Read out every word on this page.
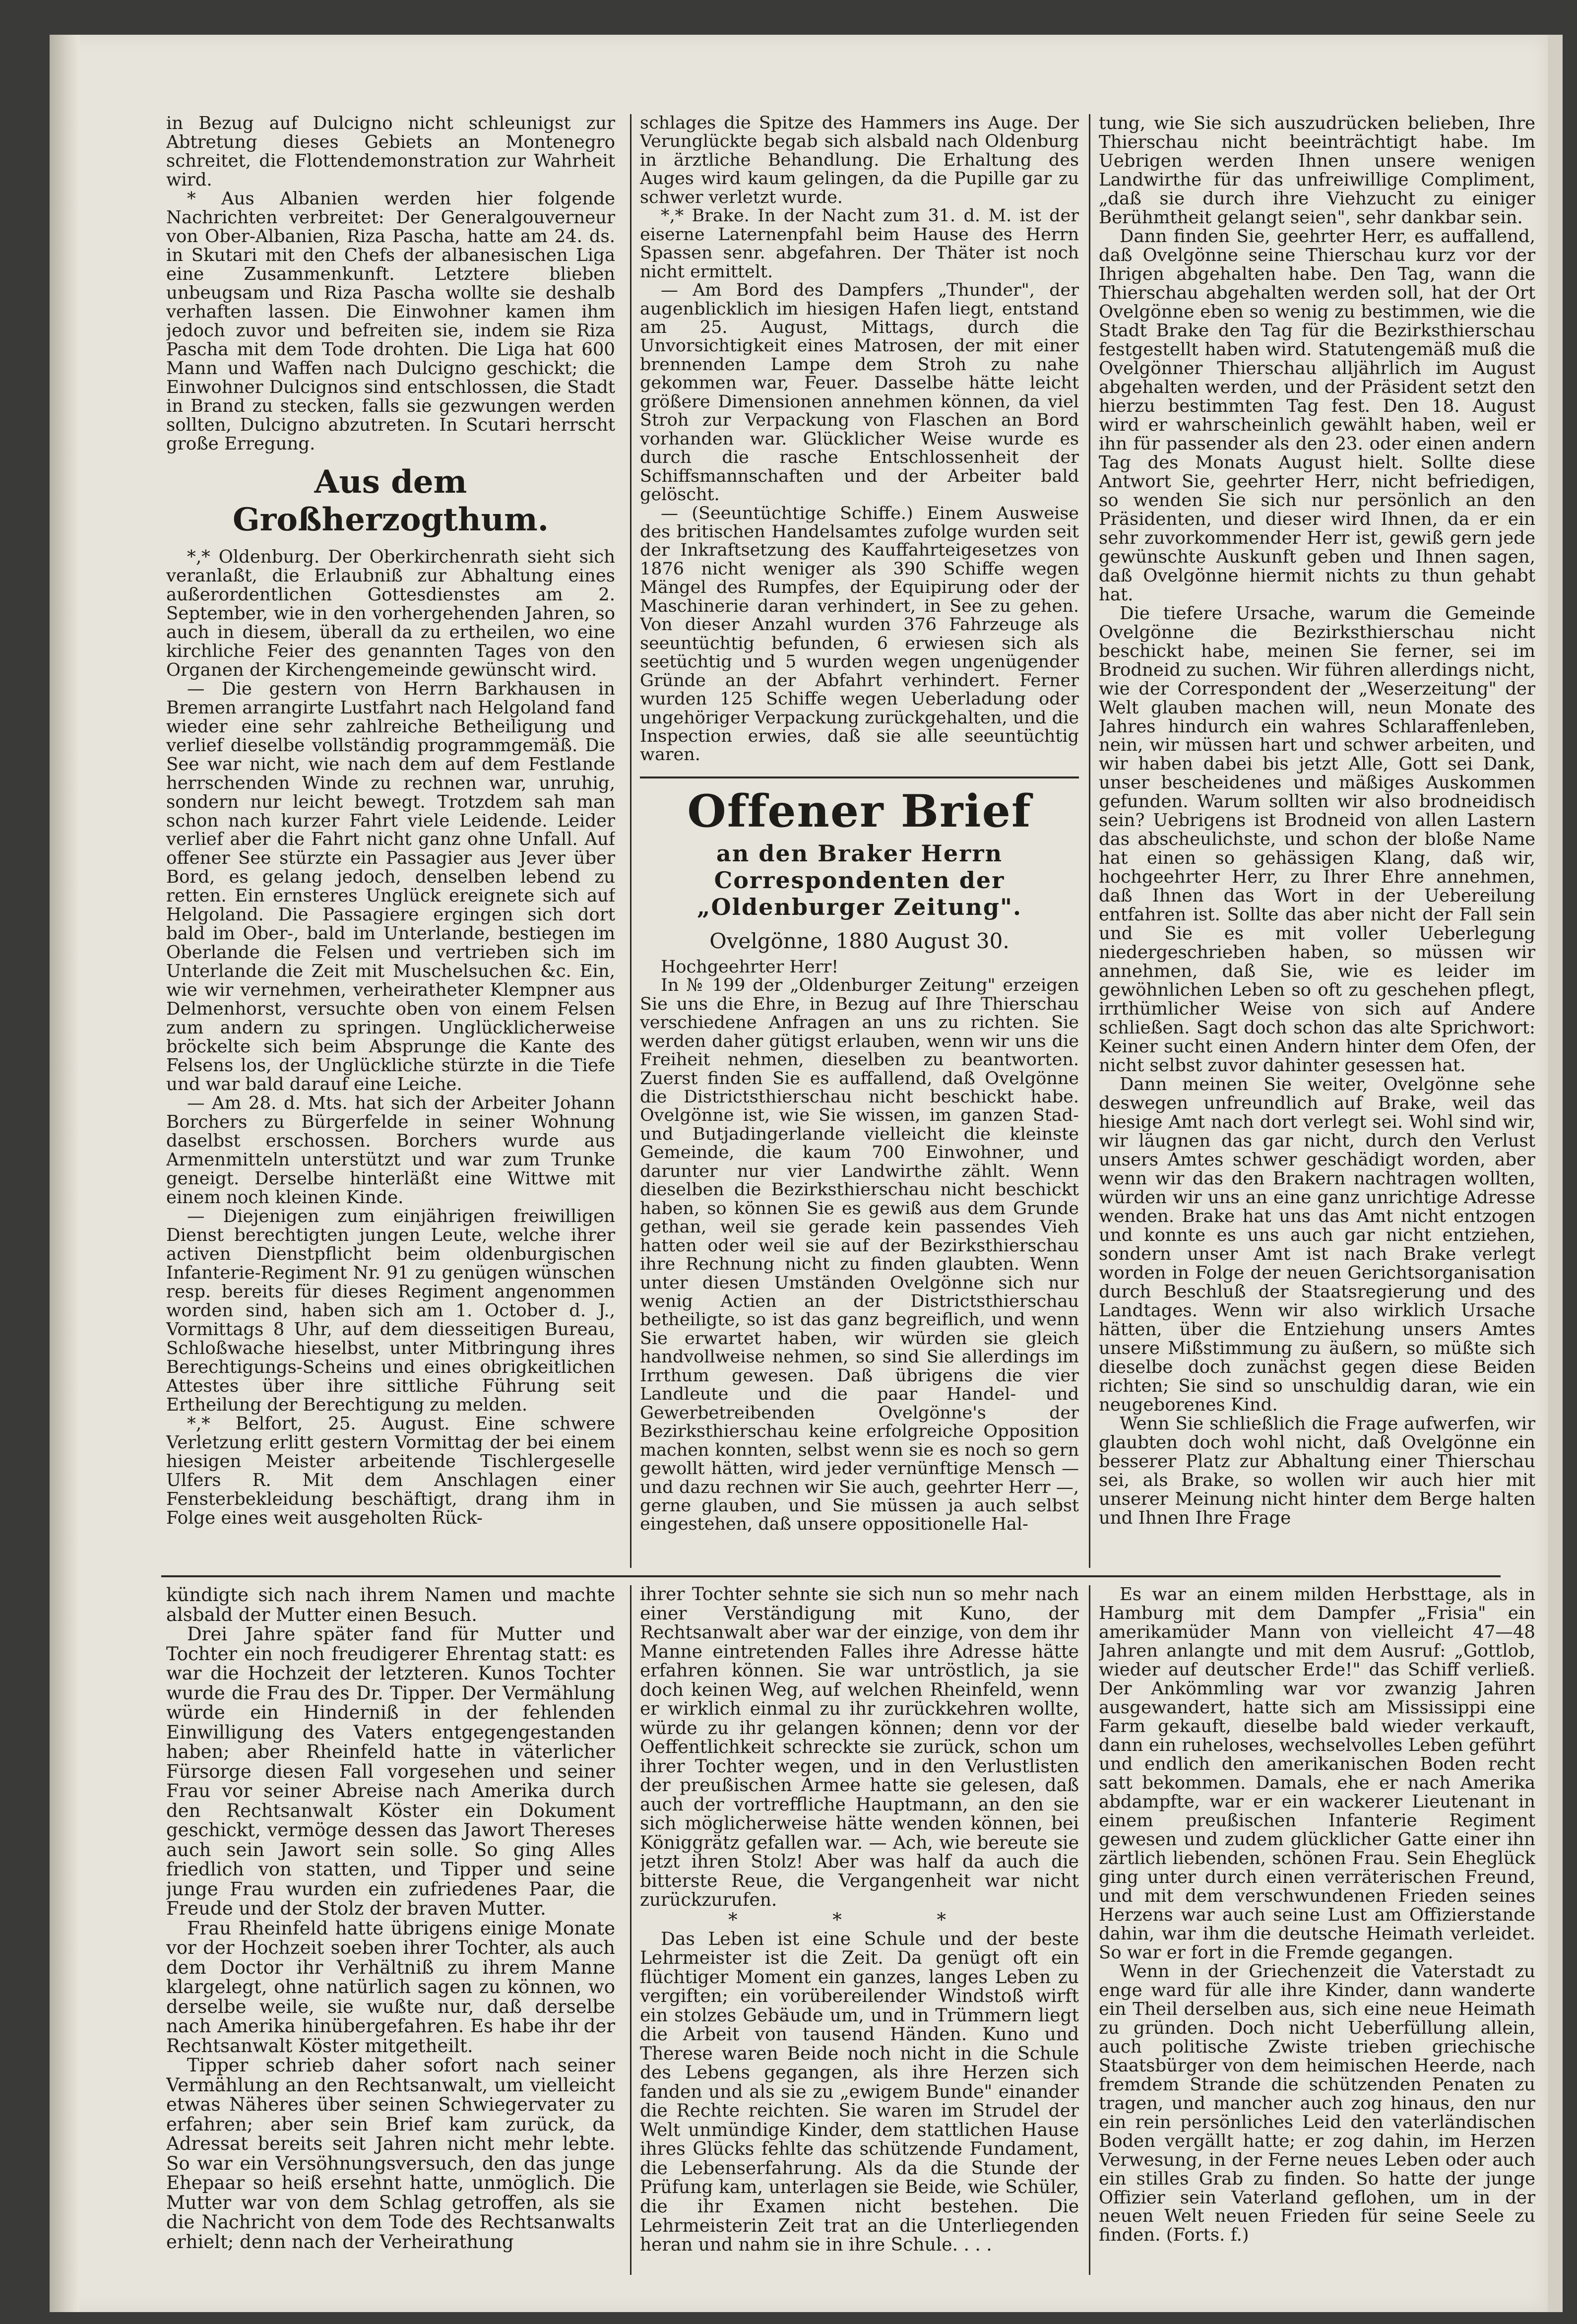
in Bezug auf Dulcigno nicht schleunigst zur Abtretung dieses Gebiets an Montenegro schreitet, die Flottendemonstration zur Wahrheit wird.

* Aus Albanien werden hier folgende Nachrichten verbreitet: Der Generalgouverneur von Ober-Albanien, Riza Pascha, hatte am 24. ds. in Skutari mit den Chefs der albanesischen Liga eine Zusammenkunft. Letztere blieben unbeugsam und Riza Pascha wollte sie deshalb verhaften lassen. Die Einwohner kamen ihm jedoch zuvor und befreiten sie, indem sie Riza Pascha mit dem Tode drohten. Die Liga hat 600 Mann und Waffen nach Dulcigno geschickt; die Einwohner Dulcignos sind entschlossen, die Stadt in Brand zu stecken, falls sie gezwungen werden sollten, Dulcigno abzutreten. In Scutari herrscht große Erregung.

Aus dem Großherzogthum.

*‚* Oldenburg. Der Oberkirchenrath sieht sich veranlaßt, die Erlaubniß zur Abhaltung eines außerordentlichen Gottesdienstes am 2. September, wie in den vorhergehenden Jahren, so auch in diesem, überall da zu ertheilen, wo eine kirchliche Feier des genannten Tages von den Organen der Kirchengemeinde gewünscht wird.

— Die gestern von Herrn Barkhausen in Bremen arrangirte Lustfahrt nach Helgoland fand wieder eine sehr zahlreiche Betheiligung und verlief dieselbe vollständig programmgemäß. Die See war nicht, wie nach dem auf dem Festlande herrschenden Winde zu rechnen war, unruhig, sondern nur leicht bewegt. Trotzdem sah man schon nach kurzer Fahrt viele Leidende. Leider verlief aber die Fahrt nicht ganz ohne Unfall. Auf offener See stürzte ein Passagier aus Jever über Bord, es gelang jedoch, denselben lebend zu retten. Ein ernsteres Unglück ereignete sich auf Helgoland. Die Passagiere ergingen sich dort bald im Ober-, bald im Unterlande, bestiegen im Oberlande die Felsen und vertrieben sich im Unterlande die Zeit mit Muschelsuchen &c. Ein, wie wir vernehmen, verheiratheter Klempner aus Delmenhorst, versuchte oben von einem Felsen zum andern zu springen. Unglücklicherweise bröckelte sich beim Absprunge die Kante des Felsens los, der Unglückliche stürzte in die Tiefe und war bald darauf eine Leiche.

— Am 28. d. Mts. hat sich der Arbeiter Johann Borchers zu Bürgerfelde in seiner Wohnung daselbst erschossen. Borchers wurde aus Armenmitteln unterstützt und war zum Trunke geneigt. Derselbe hinterläßt eine Wittwe mit einem noch kleinen Kinde.

— Diejenigen zum einjährigen freiwilligen Dienst berechtigten jungen Leute, welche ihrer activen Dienstpflicht beim oldenburgischen Infanterie-Regiment Nr. 91 zu genügen wünschen resp. bereits für dieses Regiment angenommen worden sind, haben sich am 1. October d. J., Vormittags 8 Uhr, auf dem diesseitigen Bureau, Schloßwache hieselbst, unter Mitbringung ihres Berechtigungs-Scheins und eines obrigkeitlichen Attestes über ihre sittliche Führung seit Ertheilung der Berechtigung zu melden.

*‚* Belfort, 25. August. Eine schwere Verletzung erlitt gestern Vormittag der bei einem hiesigen Meister arbeitende Tischlergeselle Ulfers R. Mit dem Anschlagen einer Fensterbekleidung beschäftigt, drang ihm in Folge eines weit ausgeholten Rück-

schlages die Spitze des Hammers ins Auge. Der Verunglückte begab sich alsbald nach Oldenburg in ärztliche Behandlung. Die Erhaltung des Auges wird kaum gelingen, da die Pupille gar zu schwer verletzt wurde.

*‚* Brake. In der Nacht zum 31. d. M. ist der eiserne Laternenpfahl beim Hause des Herrn Spassen senr. abgefahren. Der Thäter ist noch nicht ermittelt.

— Am Bord des Dampfers „Thunder", der augenblicklich im hiesigen Hafen liegt, entstand am 25. August, Mittags, durch die Unvorsichtigkeit eines Matrosen, der mit einer brennenden Lampe dem Stroh zu nahe gekommen war, Feuer. Dasselbe hätte leicht größere Dimensionen annehmen können, da viel Stroh zur Verpackung von Flaschen an Bord vorhanden war. Glücklicher Weise wurde es durch die rasche Entschlossenheit der Schiffsmannschaften und der Arbeiter bald gelöscht.

— (Seeuntüchtige Schiffe.) Einem Ausweise des britischen Handelsamtes zufolge wurden seit der Inkraftsetzung des Kauffahrteigesetzes von 1876 nicht weniger als 390 Schiffe wegen Mängel des Rumpfes, der Equipirung oder der Maschinerie daran verhindert, in See zu gehen. Von dieser Anzahl wurden 376 Fahrzeuge als seeuntüchtig befunden, 6 erwiesen sich als seetüchtig und 5 wurden wegen ungenügender Gründe an der Abfahrt verhindert. Ferner wurden 125 Schiffe wegen Ueberladung oder ungehöriger Verpackung zurückgehalten, und die Inspection erwies, daß sie alle seeuntüchtig waren.

Offener Brief
an den Braker Herrn Correspondenten der „Oldenburger Zeitung".

Ovelgönne, 1880 August 30.

Hochgeehrter Herr!

In № 199 der „Oldenburger Zeitung" erzeigen Sie uns die Ehre, in Bezug auf Ihre Thierschau verschiedene Anfragen an uns zu richten. Sie werden daher gütigst erlauben, wenn wir uns die Freiheit nehmen, dieselben zu beantworten. Zuerst finden Sie es auffallend, daß Ovelgönne die Districtsthierschau nicht beschickt habe. Ovelgönne ist, wie Sie wissen, im ganzen Stad- und Butjadingerlande vielleicht die kleinste Gemeinde, die kaum 700 Einwohner, und darunter nur vier Landwirthe zählt. Wenn dieselben die Bezirksthierschau nicht beschickt haben, so können Sie es gewiß aus dem Grunde gethan, weil sie gerade kein passendes Vieh hatten oder weil sie auf der Bezirksthierschau ihre Rechnung nicht zu finden glaubten. Wenn unter diesen Umständen Ovelgönne sich nur wenig Actien an der Districtsthierschau betheiligte, so ist das ganz begreiflich, und wenn Sie erwartet haben, wir würden sie gleich handvollweise nehmen, so sind Sie allerdings im Irrthum gewesen. Daß übrigens die vier Landleute und die paar Handel- und Gewerbetreibenden Ovelgönne's der Bezirksthierschau keine erfolgreiche Opposition machen konnten, selbst wenn sie es noch so gern gewollt hätten, wird jeder vernünftige Mensch — und dazu rechnen wir Sie auch, geehrter Herr —, gerne glauben, und Sie müssen ja auch selbst eingestehen, daß unsere oppositionelle Hal-

tung, wie Sie sich auszudrücken belieben, Ihre Thierschau nicht beeinträchtigt habe. Im Uebrigen werden Ihnen unsere wenigen Landwirthe für das unfreiwillige Compliment, „daß sie durch ihre Viehzucht zu einiger Berühmtheit gelangt seien", sehr dankbar sein.

Dann finden Sie, geehrter Herr, es auffallend, daß Ovelgönne seine Thierschau kurz vor der Ihrigen abgehalten habe. Den Tag, wann die Thierschau abgehalten werden soll, hat der Ort Ovelgönne eben so wenig zu bestimmen, wie die Stadt Brake den Tag für die Bezirksthierschau festgestellt haben wird. Statutengemäß muß die Ovelgönner Thierschau alljährlich im August abgehalten werden, und der Präsident setzt den hierzu bestimmten Tag fest. Den 18. August wird er wahrscheinlich gewählt haben, weil er ihn für passender als den 23. oder einen andern Tag des Monats August hielt. Sollte diese Antwort Sie, geehrter Herr, nicht befriedigen, so wenden Sie sich nur persönlich an den Präsidenten, und dieser wird Ihnen, da er ein sehr zuvorkommender Herr ist, gewiß gern jede gewünschte Auskunft geben und Ihnen sagen, daß Ovelgönne hiermit nichts zu thun gehabt hat.

Die tiefere Ursache, warum die Gemeinde Ovelgönne die Bezirksthierschau nicht beschickt habe, meinen Sie ferner, sei im Brodneid zu suchen. Wir führen allerdings nicht, wie der Correspondent der „Weserzeitung" der Welt glauben machen will, neun Monate des Jahres hindurch ein wahres Schlaraffenleben, nein, wir müssen hart und schwer arbeiten, und wir haben dabei bis jetzt Alle, Gott sei Dank, unser bescheidenes und mäßiges Auskommen gefunden. Warum sollten wir also brodneidisch sein? Uebrigens ist Brodneid von allen Lastern das abscheulichste, und schon der bloße Name hat einen so gehässigen Klang, daß wir, hochgeehrter Herr, zu Ihrer Ehre annehmen, daß Ihnen das Wort in der Uebereilung entfahren ist. Sollte das aber nicht der Fall sein und Sie es mit voller Ueberlegung niedergeschrieben haben, so müssen wir annehmen, daß Sie, wie es leider im gewöhnlichen Leben so oft zu geschehen pflegt, irrthümlicher Weise von sich auf Andere schließen. Sagt doch schon das alte Sprichwort: Keiner sucht einen Andern hinter dem Ofen, der nicht selbst zuvor dahinter gesessen hat.

Dann meinen Sie weiter, Ovelgönne sehe deswegen unfreundlich auf Brake, weil das hiesige Amt nach dort verlegt sei. Wohl sind wir, wir läugnen das gar nicht, durch den Verlust unsers Amtes schwer geschädigt worden, aber wenn wir das den Brakern nachtragen wollten, würden wir uns an eine ganz unrichtige Adresse wenden. Brake hat uns das Amt nicht entzogen und konnte es uns auch gar nicht entziehen, sondern unser Amt ist nach Brake verlegt worden in Folge der neuen Gerichtsorganisation durch Beschluß der Staatsregierung und des Landtages. Wenn wir also wirklich Ursache hätten, über die Entziehung unsers Amtes unsere Mißstimmung zu äußern, so müßte sich dieselbe doch zunächst gegen diese Beiden richten; Sie sind so unschuldig daran, wie ein neugeborenes Kind.

Wenn Sie schließlich die Frage aufwerfen, wir glaubten doch wohl nicht, daß Ovelgönne ein besserer Platz zur Abhaltung einer Thierschau sei, als Brake, so wollen wir auch hier mit unserer Meinung nicht hinter dem Berge halten und Ihnen Ihre Frage

kündigte sich nach ihrem Namen und machte alsbald der Mutter einen Besuch.

Drei Jahre später fand für Mutter und Tochter ein noch freudigerer Ehrentag statt: es war die Hochzeit der letzteren. Kunos Tochter wurde die Frau des Dr. Tipper. Der Vermählung würde ein Hinderniß in der fehlenden Einwilligung des Vaters entgegengestanden haben; aber Rheinfeld hatte in väterlicher Fürsorge diesen Fall vorgesehen und seiner Frau vor seiner Abreise nach Amerika durch den Rechtsanwalt Köster ein Dokument geschickt, vermöge dessen das Jawort Thereses auch sein Jawort sein solle. So ging Alles friedlich von statten, und Tipper und seine junge Frau wurden ein zufriedenes Paar, die Freude und der Stolz der braven Mutter.

Frau Rheinfeld hatte übrigens einige Monate vor der Hochzeit soeben ihrer Tochter, als auch dem Doctor ihr Verhältniß zu ihrem Manne klargelegt, ohne natürlich sagen zu können, wo derselbe weile, sie wußte nur, daß derselbe nach Amerika hinübergefahren. Es habe ihr der Rechtsanwalt Köster mitgetheilt.

Tipper schrieb daher sofort nach seiner Vermählung an den Rechtsanwalt, um vielleicht etwas Näheres über seinen Schwiegervater zu erfahren; aber sein Brief kam zurück, da Adressat bereits seit Jahren nicht mehr lebte. So war ein Versöhnungsversuch, den das junge Ehepaar so heiß ersehnt hatte, unmöglich. Die Mutter war von dem Schlag getroffen, als sie die Nachricht von dem Tode des Rechtsanwalts erhielt; denn nach der Verheirathung

ihrer Tochter sehnte sie sich nun so mehr nach einer Verständigung mit Kuno, der Rechtsanwalt aber war der einzige, von dem ihr Manne eintretenden Falles ihre Adresse hätte erfahren können. Sie war untröstlich, ja sie doch keinen Weg, auf welchen Rheinfeld, wenn er wirklich einmal zu ihr zurückkehren wollte, würde zu ihr gelangen können; denn vor der Oeffentlichkeit schreckte sie zurück, schon um ihrer Tochter wegen, und in den Verlustlisten der preußischen Armee hatte sie gelesen, daß auch der vortreffliche Hauptmann, an den sie sich möglicherweise hätte wenden können, bei Königgrätz gefallen war. — Ach, wie bereute sie jetzt ihren Stolz! Aber was half da auch die bitterste Reue, die Vergangenheit war nicht zurückzurufen.

* * *

Das Leben ist eine Schule und der beste Lehrmeister ist die Zeit. Da genügt oft ein flüchtiger Moment ein ganzes, langes Leben zu vergiften; ein vorübereilender Windstoß wirft ein stolzes Gebäude um, und in Trümmern liegt die Arbeit von tausend Händen. Kuno und Therese waren Beide noch nicht in die Schule des Lebens gegangen, als ihre Herzen sich fanden und als sie zu „ewigem Bunde" einander die Rechte reichten. Sie waren im Strudel der Welt unmündige Kinder, dem stattlichen Hause ihres Glücks fehlte das schützende Fundament, die Lebenserfahrung. Als da die Stunde der Prüfung kam, unterlagen sie Beide, wie Schüler, die ihr Examen nicht bestehen. Die Lehrmeisterin Zeit trat an die Unterliegenden heran und nahm sie in ihre Schule. . . .

Es war an einem milden Herbsttage, als in Hamburg mit dem Dampfer „Frisia" ein amerikamüder Mann von vielleicht 47—48 Jahren anlangte und mit dem Ausruf: „Gottlob, wieder auf deutscher Erde!" das Schiff verließ. Der Ankömmling war vor zwanzig Jahren ausgewandert, hatte sich am Mississippi eine Farm gekauft, dieselbe bald wieder verkauft, dann ein ruheloses, wechselvolles Leben geführt und endlich den amerikanischen Boden recht satt bekommen. Damals, ehe er nach Amerika abdampfte, war er ein wackerer Lieutenant in einem preußischen Infanterie Regiment gewesen und zudem glücklicher Gatte einer ihn zärtlich liebenden, schönen Frau. Sein Eheglück ging unter durch einen verräterischen Freund, und mit dem verschwundenen Frieden seines Herzens war auch seine Lust am Offizierstande dahin, war ihm die deutsche Heimath verleidet. So war er fort in die Fremde gegangen.

Wenn in der Griechenzeit die Vaterstadt zu enge ward für alle ihre Kinder, dann wanderte ein Theil derselben aus, sich eine neue Heimath zu gründen. Doch nicht Ueberfüllung allein, auch politische Zwiste trieben griechische Staatsbürger von dem heimischen Heerde, nach fremdem Strande die schützenden Penaten zu tragen, und mancher auch zog hinaus, den nur ein rein persönliches Leid den vaterländischen Boden vergällt hatte; er zog dahin, im Herzen Verwesung, in der Ferne neues Leben oder auch ein stilles Grab zu finden. So hatte der junge Offizier sein Vaterland geflohen, um in der neuen Welt neuen Frieden für seine Seele zu finden. (Forts. f.)
